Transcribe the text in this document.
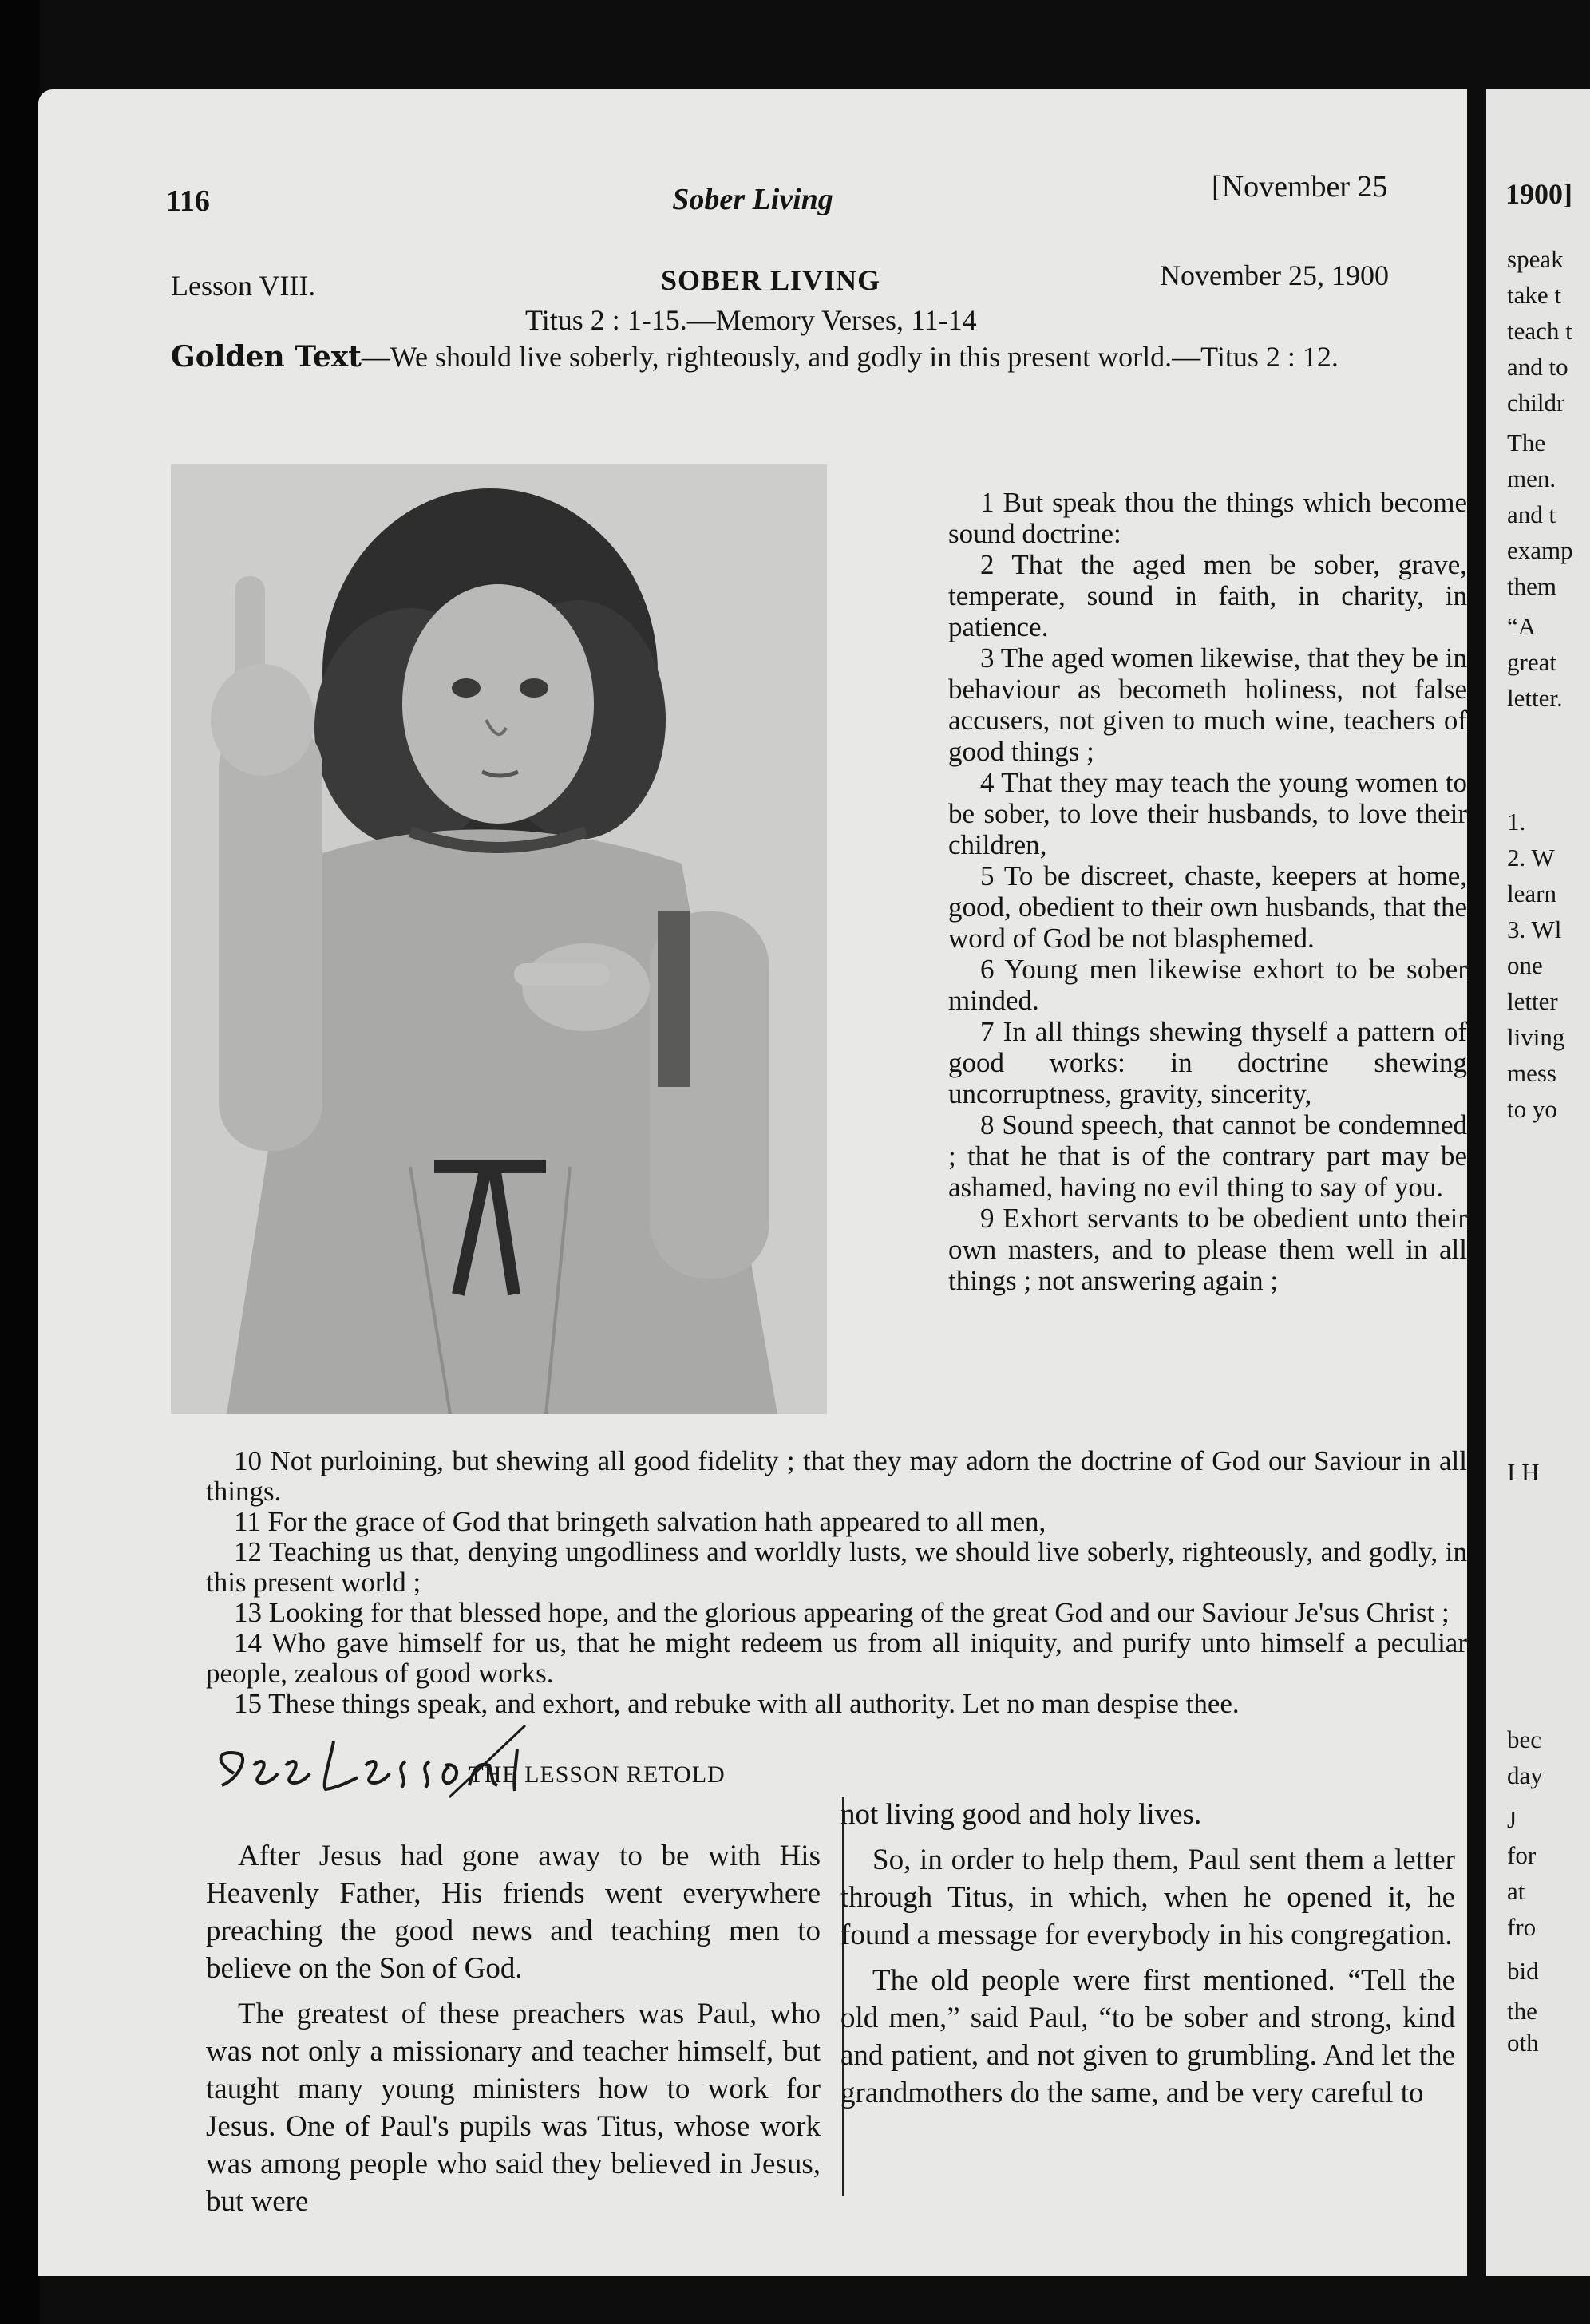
116	Sober Living	[November 25
Lesson VIII.	SOBER LIVING	November 25, 1900
Titus 2 : 1-15.—Memory Verses, 11-14
Golden Text—We should live soberly, righteously, and godly in this present world.—Titus 2 : 12.

1 But speak thou the things which become sound doctrine:

2 That the aged men be sober, grave, temperate, sound in faith, in charity, in patience.

3 The aged women likewise, that they be in behaviour as becometh holiness, not false accusers, not given to much wine, teachers of good things ;

4 That they may teach the young women to be sober, to love their husbands, to love their children,

5 To be discreet, chaste, keepers at home, good, obedient to their own husbands, that the word of God be not blasphemed.

6 Young men likewise exhort to be sober minded.

7 In all things shewing thyself a pattern of good works: in doctrine shewing uncorruptness, gravity, sincerity,

8 Sound speech, that cannot be condemned ; that he that is of the contrary part may be ashamed, having no evil thing to say of you.

9 Exhort servants to be obedient unto their own masters, and to please them well in all things ; not answering again ;

10 Not purloining, but shewing all good fidelity ; that they may adorn the doctrine of God our Saviour in all things.

11 For the grace of God that bringeth salvation hath appeared to all men,

12 Teaching us that, denying ungodliness and worldly lusts, we should live soberly, righteously, and godly, in this present world ;

13 Looking for that blessed hope, and the glorious appearing of the great God and our Saviour Je'sus Christ ;

14 Who gave himself for us, that he might redeem us from all iniquity, and purify unto himself a peculiar people, zealous of good works.

15 These things speak, and exhort, and rebuke with all authority. Let no man despise thee.

THE LESSON RETOLD

After Jesus had gone away to be with His Heavenly Father, His friends went everywhere preaching the good news and teaching men to believe on the Son of God.

The greatest of these preachers was Paul, who was not only a missionary and teacher himself, but taught many young ministers how to work for Jesus. One of Paul's pupils was Titus, whose work was among people who said they believed in Jesus, but were

not living good and holy lives.

So, in order to help them, Paul sent them a letter through Titus, in which, when he opened it, he found a message for everybody in his congregation.

The old people were first mentioned. “Tell the old men,” said Paul, “to be sober and strong, kind and patient, and not given to grumbling. And let the grandmothers do the same, and be very careful to

1900]
speak
take t
teach t
and to
childr
The
men.
and t
examp
them
“A
great
letter.
1.
2. W
learn
3. Wl
one
letter
living
mess
to yo
I H
bec
day
J
for
at
fro
bid
the
oth
